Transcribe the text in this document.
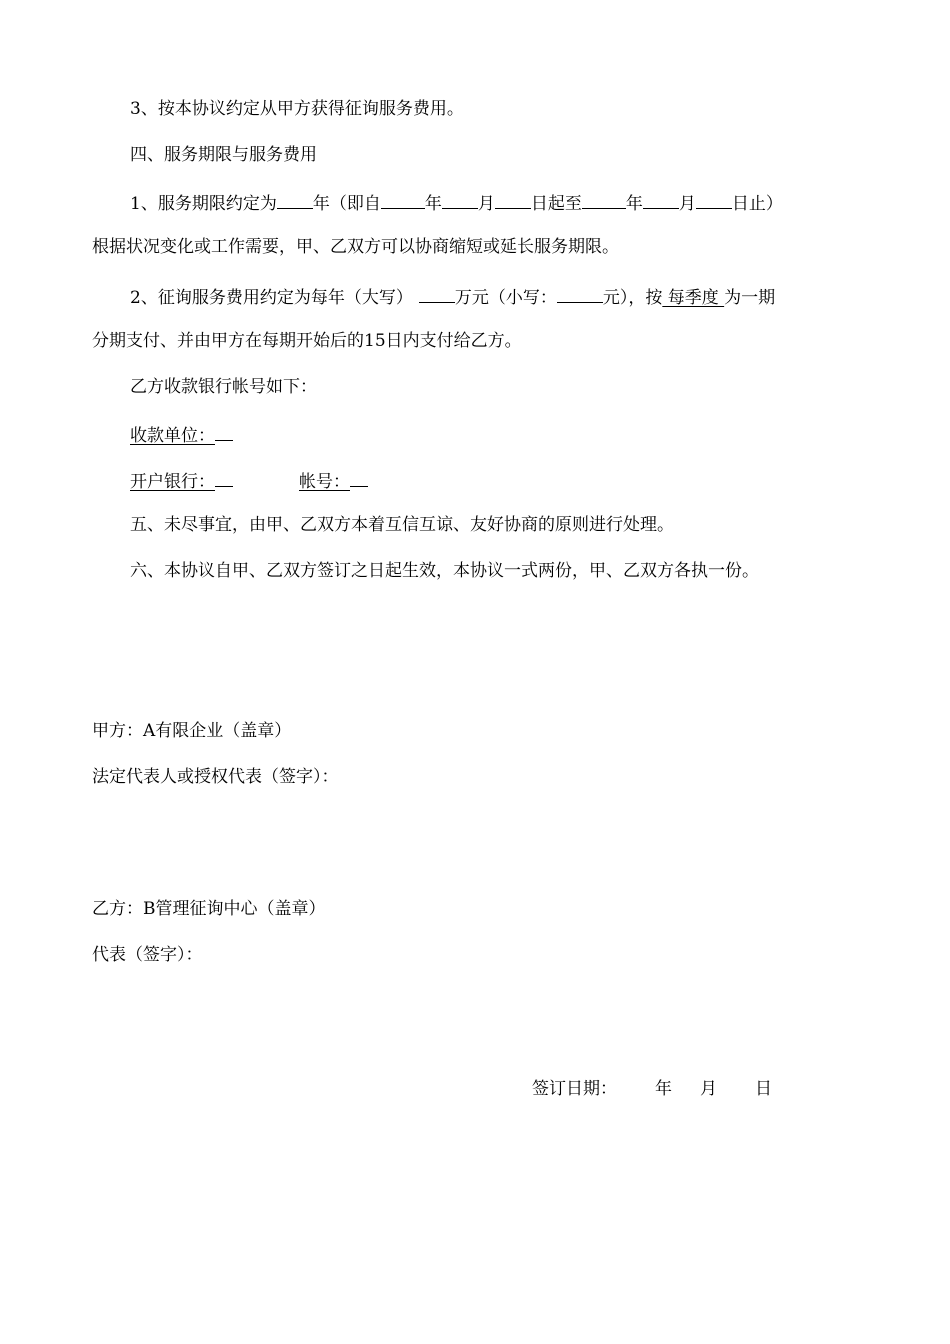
3、按本协议约定从甲方获得征询服务费用。
四、服务期限与服务费用
1、服务期限约定为 年（即自	年 月 日起至	年 月 日止）
根据状况变化或工作需要，甲、乙双方可以协商缩短或延长服务期限。
2、征询服务费用约定为每年（大写） 万元（小写：	元），按 每季度 为一期
分期支付、并由甲方在每期开始后的15日内支付给乙方。
乙方收款银行帐号如下：
收款单位：
开户银行：	帐号：
五、未尽事宜，由甲、乙双方本着互信互谅、友好协商的原则进行处理。
六、本协议自甲、乙双方签订之日起生效，本协议一式两份，甲、乙双方各执一份。
甲方：A有限企业（盖章）
法定代表人或授权代表（签字）：
乙方：B管理征询中心（盖章）
代表（签字）：
签订日期： 年 月 日
